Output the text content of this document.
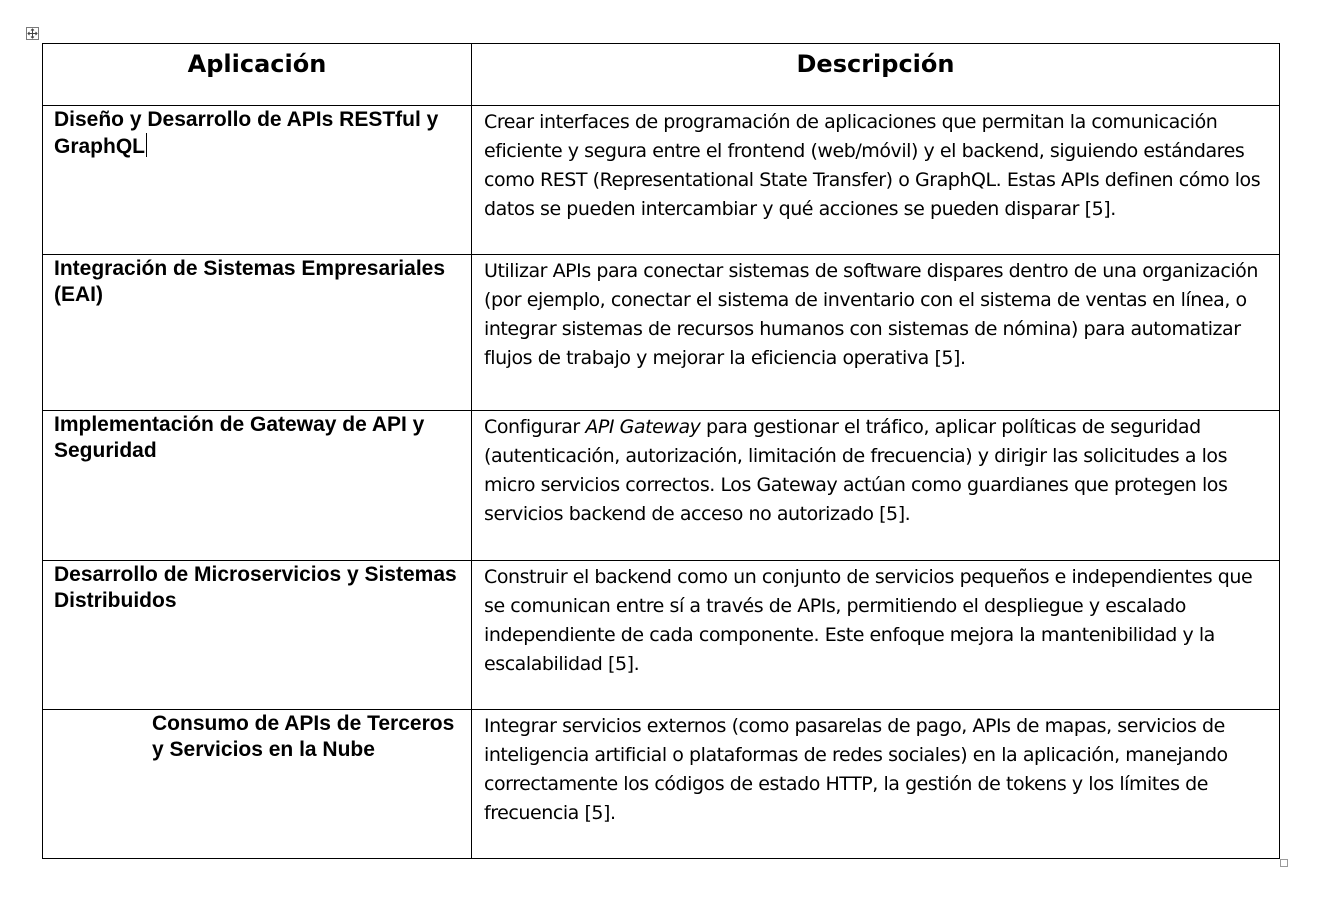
Aplicación	Descripción
Diseño y Desarrollo de APIs RESTful y GraphQL	Crear interfaces de programación de aplicaciones que permitan la comunicación eficiente y segura entre el frontend (web/móvil) y el backend, siguiendo estándares como REST (Representational State Transfer) o GraphQL. Estas APIs definen cómo los datos se pueden intercambiar y qué acciones se pueden disparar [5].
Integración de Sistemas Empresariales (EAI)	Utilizar APIs para conectar sistemas de software dispares dentro de una organización (por ejemplo, conectar el sistema de inventario con el sistema de ventas en línea, o integrar sistemas de recursos humanos con sistemas de nómina) para automatizar flujos de trabajo y mejorar la eficiencia operativa [5].
Implementación de Gateway de API y Seguridad	Configurar API Gateway para gestionar el tráfico, aplicar políticas de seguridad (autenticación, autorización, limitación de frecuencia) y dirigir las solicitudes a los micro servicios correctos. Los Gateway actúan como guardianes que protegen los servicios backend de acceso no autorizado [5].
Desarrollo de Microservicios y Sistemas Distribuidos	Construir el backend como un conjunto de servicios pequeños e independientes que se comunican entre sí a través de APIs, permitiendo el despliegue y escalado independiente de cada componente. Este enfoque mejora la mantenibilidad y la escalabilidad [5].
Consumo de APIs de Terceros y Servicios en la Nube	Integrar servicios externos (como pasarelas de pago, APIs de mapas, servicios de inteligencia artificial o plataformas de redes sociales) en la aplicación, manejando correctamente los códigos de estado HTTP, la gestión de tokens y los límites de frecuencia [5].
